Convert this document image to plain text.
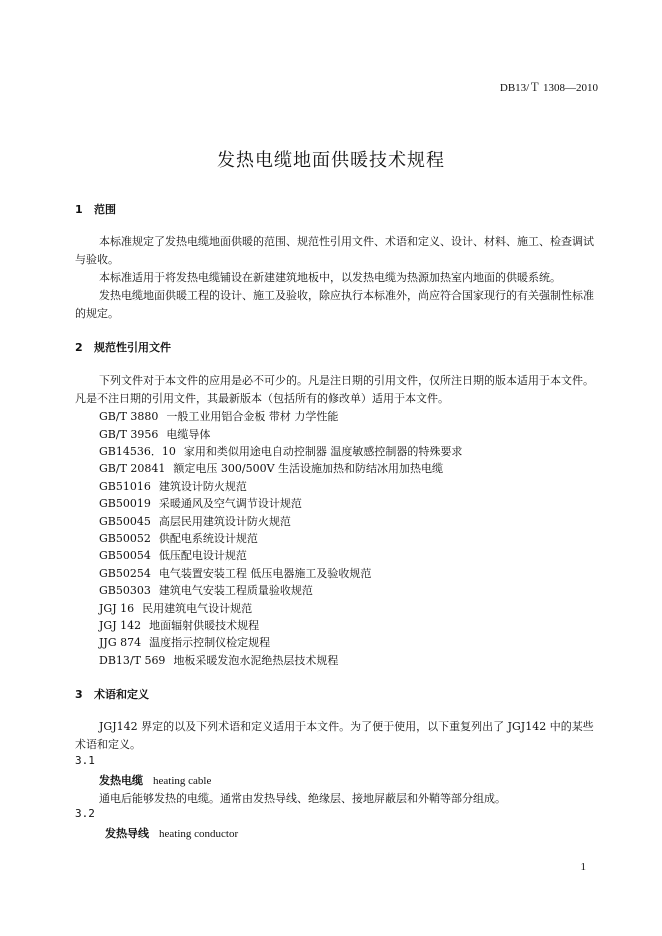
DB13/Ｔ 1308—2010
发热电缆地面供暖技术规程
1 范围
本标准规定了发热电缆地面供暖的范围、规范性引用文件、术语和定义、设计、材料、施工、检查调试与验收。
本标准适用于将发热电缆铺设在新建建筑地板中，以发热电缆为热源加热室内地面的供暖系统。
发热电缆地面供暖工程的设计、施工及验收，除应执行本标准外，尚应符合国家现行的有关强制性标准的规定。
2 规范性引用文件
下列文件对于本文件的应用是必不可少的。凡是注日期的引用文件，仅所注日期的版本适用于本文件。凡是不注日期的引用文件，其最新版本（包括所有的修改单）适用于本文件。
GB/T 3880 一般工业用铝合金板 带材 力学性能
GB/T 3956 电缆导体
GB14536．10 家用和类似用途电自动控制器 温度敏感控制器的特殊要求
GB/T 20841 额定电压 300/500V 生活设施加热和防结冰用加热电缆
GB51016 建筑设计防火规范
GB50019 采暖通风及空气调节设计规范
GB50045 高层民用建筑设计防火规范
GB50052 供配电系统设计规范
GB50054 低压配电设计规范
GB50254 电气装置安装工程 低压电器施工及验收规范
GB50303 建筑电气安装工程质量验收规范
JGJ 16 民用建筑电气设计规范
JGJ 142 地面辐射供暖技术规程
JJG 874 温度指示控制仪检定规程
DB13/T 569 地板采暖发泡水泥绝热层技术规程
3 术语和定义
JGJ142 界定的以及下列术语和定义适用于本文件。为了便于使用，以下重复列出了 JGJ142 中的某些术语和定义。
3.1
发热电缆 heating cable
通电后能够发热的电缆。通常由发热导线、绝缘层、接地屏蔽层和外鞘等部分组成。
3.2
发热导线 heating conductor
1
